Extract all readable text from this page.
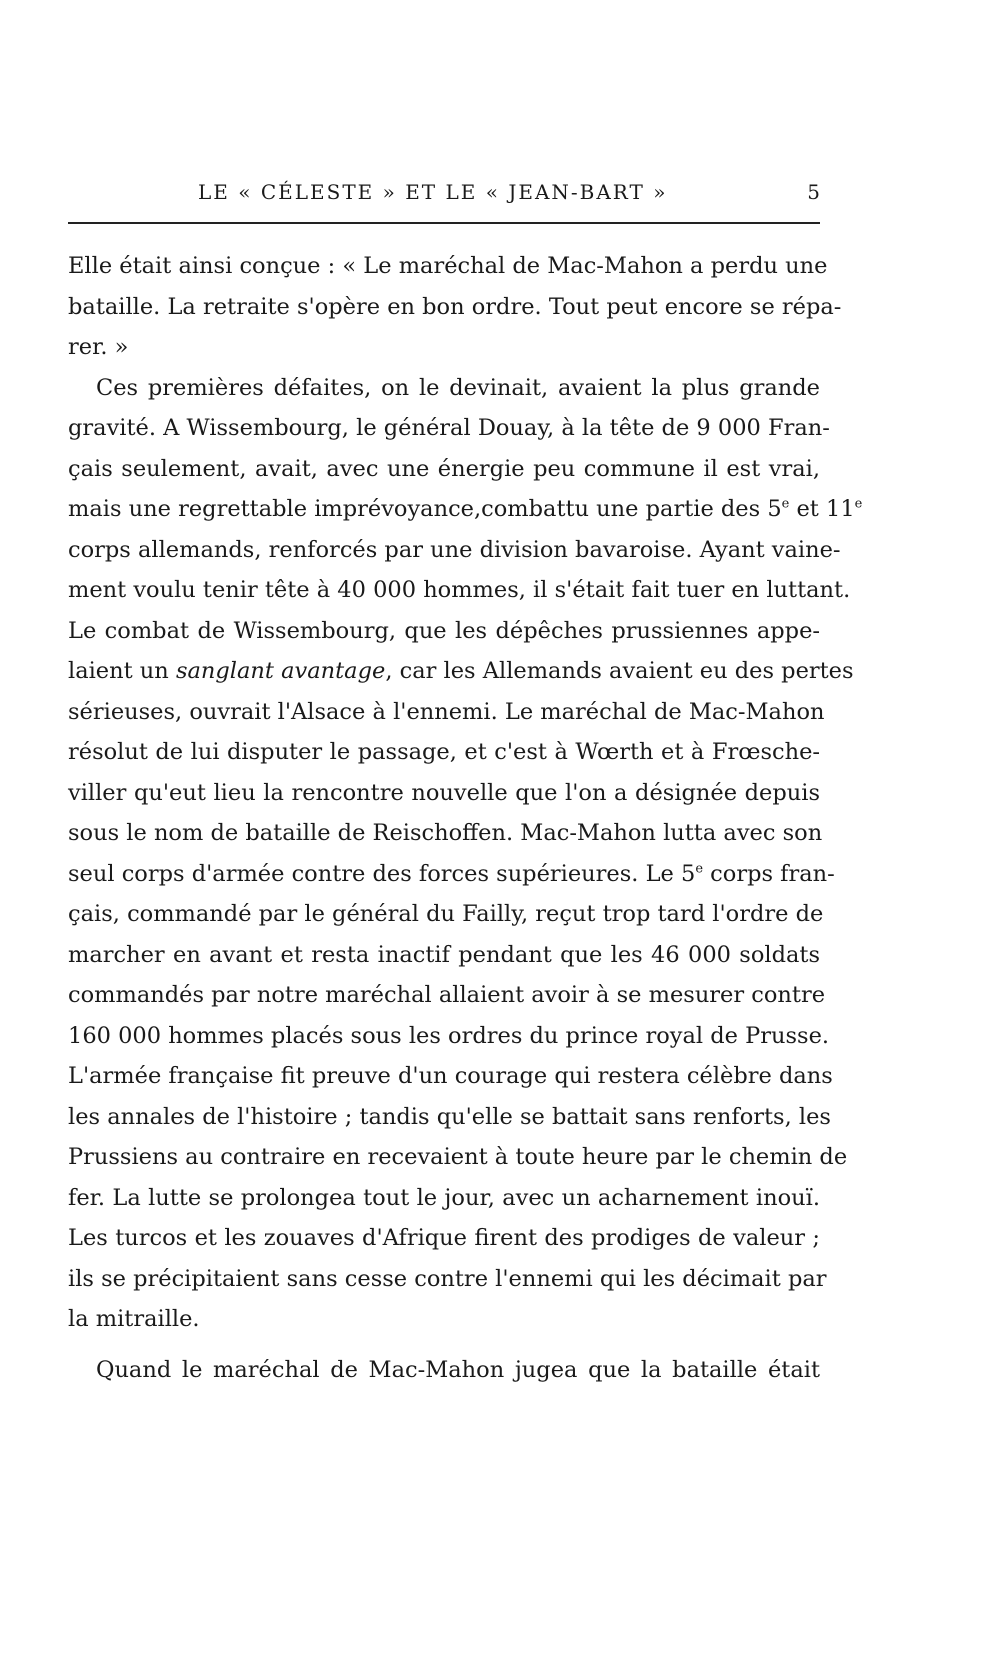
LE « CÉLESTE » ET LE « JEAN-BART »	5
Elle était ainsi conçue : « Le maréchal de Mac-Mahon a perdu une
bataille. La retraite s'opère en bon ordre. Tout peut encore se répa-
rer. »
Ces premières défaites, on le devinait, avaient la plus grande
gravité. A Wissembourg, le général Douay, à la tête de 9 000 Fran-
çais seulement, avait, avec une énergie peu commune il est vrai,
mais une regrettable imprévoyance,combattu une partie des 5e et 11e
corps allemands, renforcés par une division bavaroise. Ayant vaine-
ment voulu tenir tête à 40 000 hommes, il s'était fait tuer en luttant.
Le combat de Wissembourg, que les dépêches prussiennes appe-
laient un sanglant avantage, car les Allemands avaient eu des pertes
sérieuses, ouvrait l'Alsace à l'ennemi. Le maréchal de Mac-Mahon
résolut de lui disputer le passage, et c'est à Wœrth et à Frœsche-
viller qu'eut lieu la rencontre nouvelle que l'on a désignée depuis
sous le nom de bataille de Reischoffen. Mac-Mahon lutta avec son
seul corps d'armée contre des forces supérieures. Le 5e corps fran-
çais, commandé par le général du Failly, reçut trop tard l'ordre de
marcher en avant et resta inactif pendant que les 46 000 soldats
commandés par notre maréchal allaient avoir à se mesurer contre
160 000 hommes placés sous les ordres du prince royal de Prusse.
L'armée française fit preuve d'un courage qui restera célèbre dans
les annales de l'histoire ; tandis qu'elle se battait sans renforts, les
Prussiens au contraire en recevaient à toute heure par le chemin de
fer. La lutte se prolongea tout le jour, avec un acharnement inouï.
Les turcos et les zouaves d'Afrique firent des prodiges de valeur ;
ils se précipitaient sans cesse contre l'ennemi qui les décimait par
la mitraille.
Quand le maréchal de Mac-Mahon jugea que la bataille était
